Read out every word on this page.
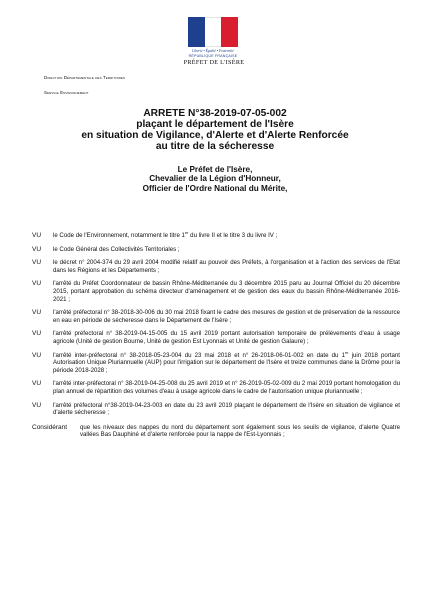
Liberté • Égalité • Fraternité
RÉPUBLIQUE FRANÇAISE
PRÉFET DE L'ISÈRE
Direction Départementale des Territoires
Service Environnement
ARRETE N°38-2019-07-05-002
plaçant le département de l'Isère
en situation de Vigilance, d'Alerte et d'Alerte Renforcée
au titre de la sécheresse
Le Préfet de l'Isère,
Chevalier de la Légion d'Honneur,
Officier de l'Ordre National du Mérite,
VU	le Code de l'Environnement, notamment le titre 1er du livre II et le titre 3 du livre IV ;
VU	le Code Général des Collectivités Territoriales ;
VU	le décret n° 2004-374 du 29 avril 2004 modifié relatif au pouvoir des Préfets, à l'organisation et à l'action des services de l'Etat dans les Régions et les Départements ;
VU	l'arrêté du Préfet Coordonnateur de bassin Rhône-Méditerranée du 3 décembre 2015 paru au Journal Officiel du 20 décembre 2015, portant approbation du schéma directeur d'aménagement et de gestion des eaux du bassin Rhône-Méditerranée 2016-2021 ;
VU	l'arrêté préfectoral n° 38-2018-30-006 du 30 mai 2018 fixant le cadre des mesures de gestion et de préservation de la ressource en eau en période de sécheresse dans le Département de l'Isère ;
VU	l'arrêté préfectoral n° 38-2019-04-15-005 du 15 avril 2019 portant autorisation temporaire de prélèvements d'eau à usage agricole (Unité de gestion Bourne, Unité de gestion Est Lyonnais et Unité de gestion Galaure) ;
VU	l'arrêté inter-préfectoral n° 38-2018-05-23-004 du 23 mai 2018 et n° 26-2018-06-01-002 en date du 1er juin 2018 portant Autorisation Unique Pluriannuelle (AUP) pour l'irrigation sur le département de l'Isère et treize communes dane la Drôme pour la période 2018-2028 ;
VU	l'arrêté inter-préfectoral n° 38-2019-04-25-008 du 25 avril 2019 et n° 26-2019-05-02-009 du 2 mai 2019 portant homologation du plan annuel de répartition des volumes d'eau à usage agricole dans le cadre de l'autorisation unique pluriannuelle ;
VU	l'arrêté préfectoral n°38-2019-04-23-003 en date du 23 avril 2019 plaçant le département de l'Isère en situation de vigilance et d'alerte sécheresse ;
Considérant	que les niveaux des nappes du nord du département sont également sous les seuils de vigilance, d'alerte Quatre vallées Bas Dauphiné et d'alerte renforcée pour la nappe de l'Est-Lyonnais ;
